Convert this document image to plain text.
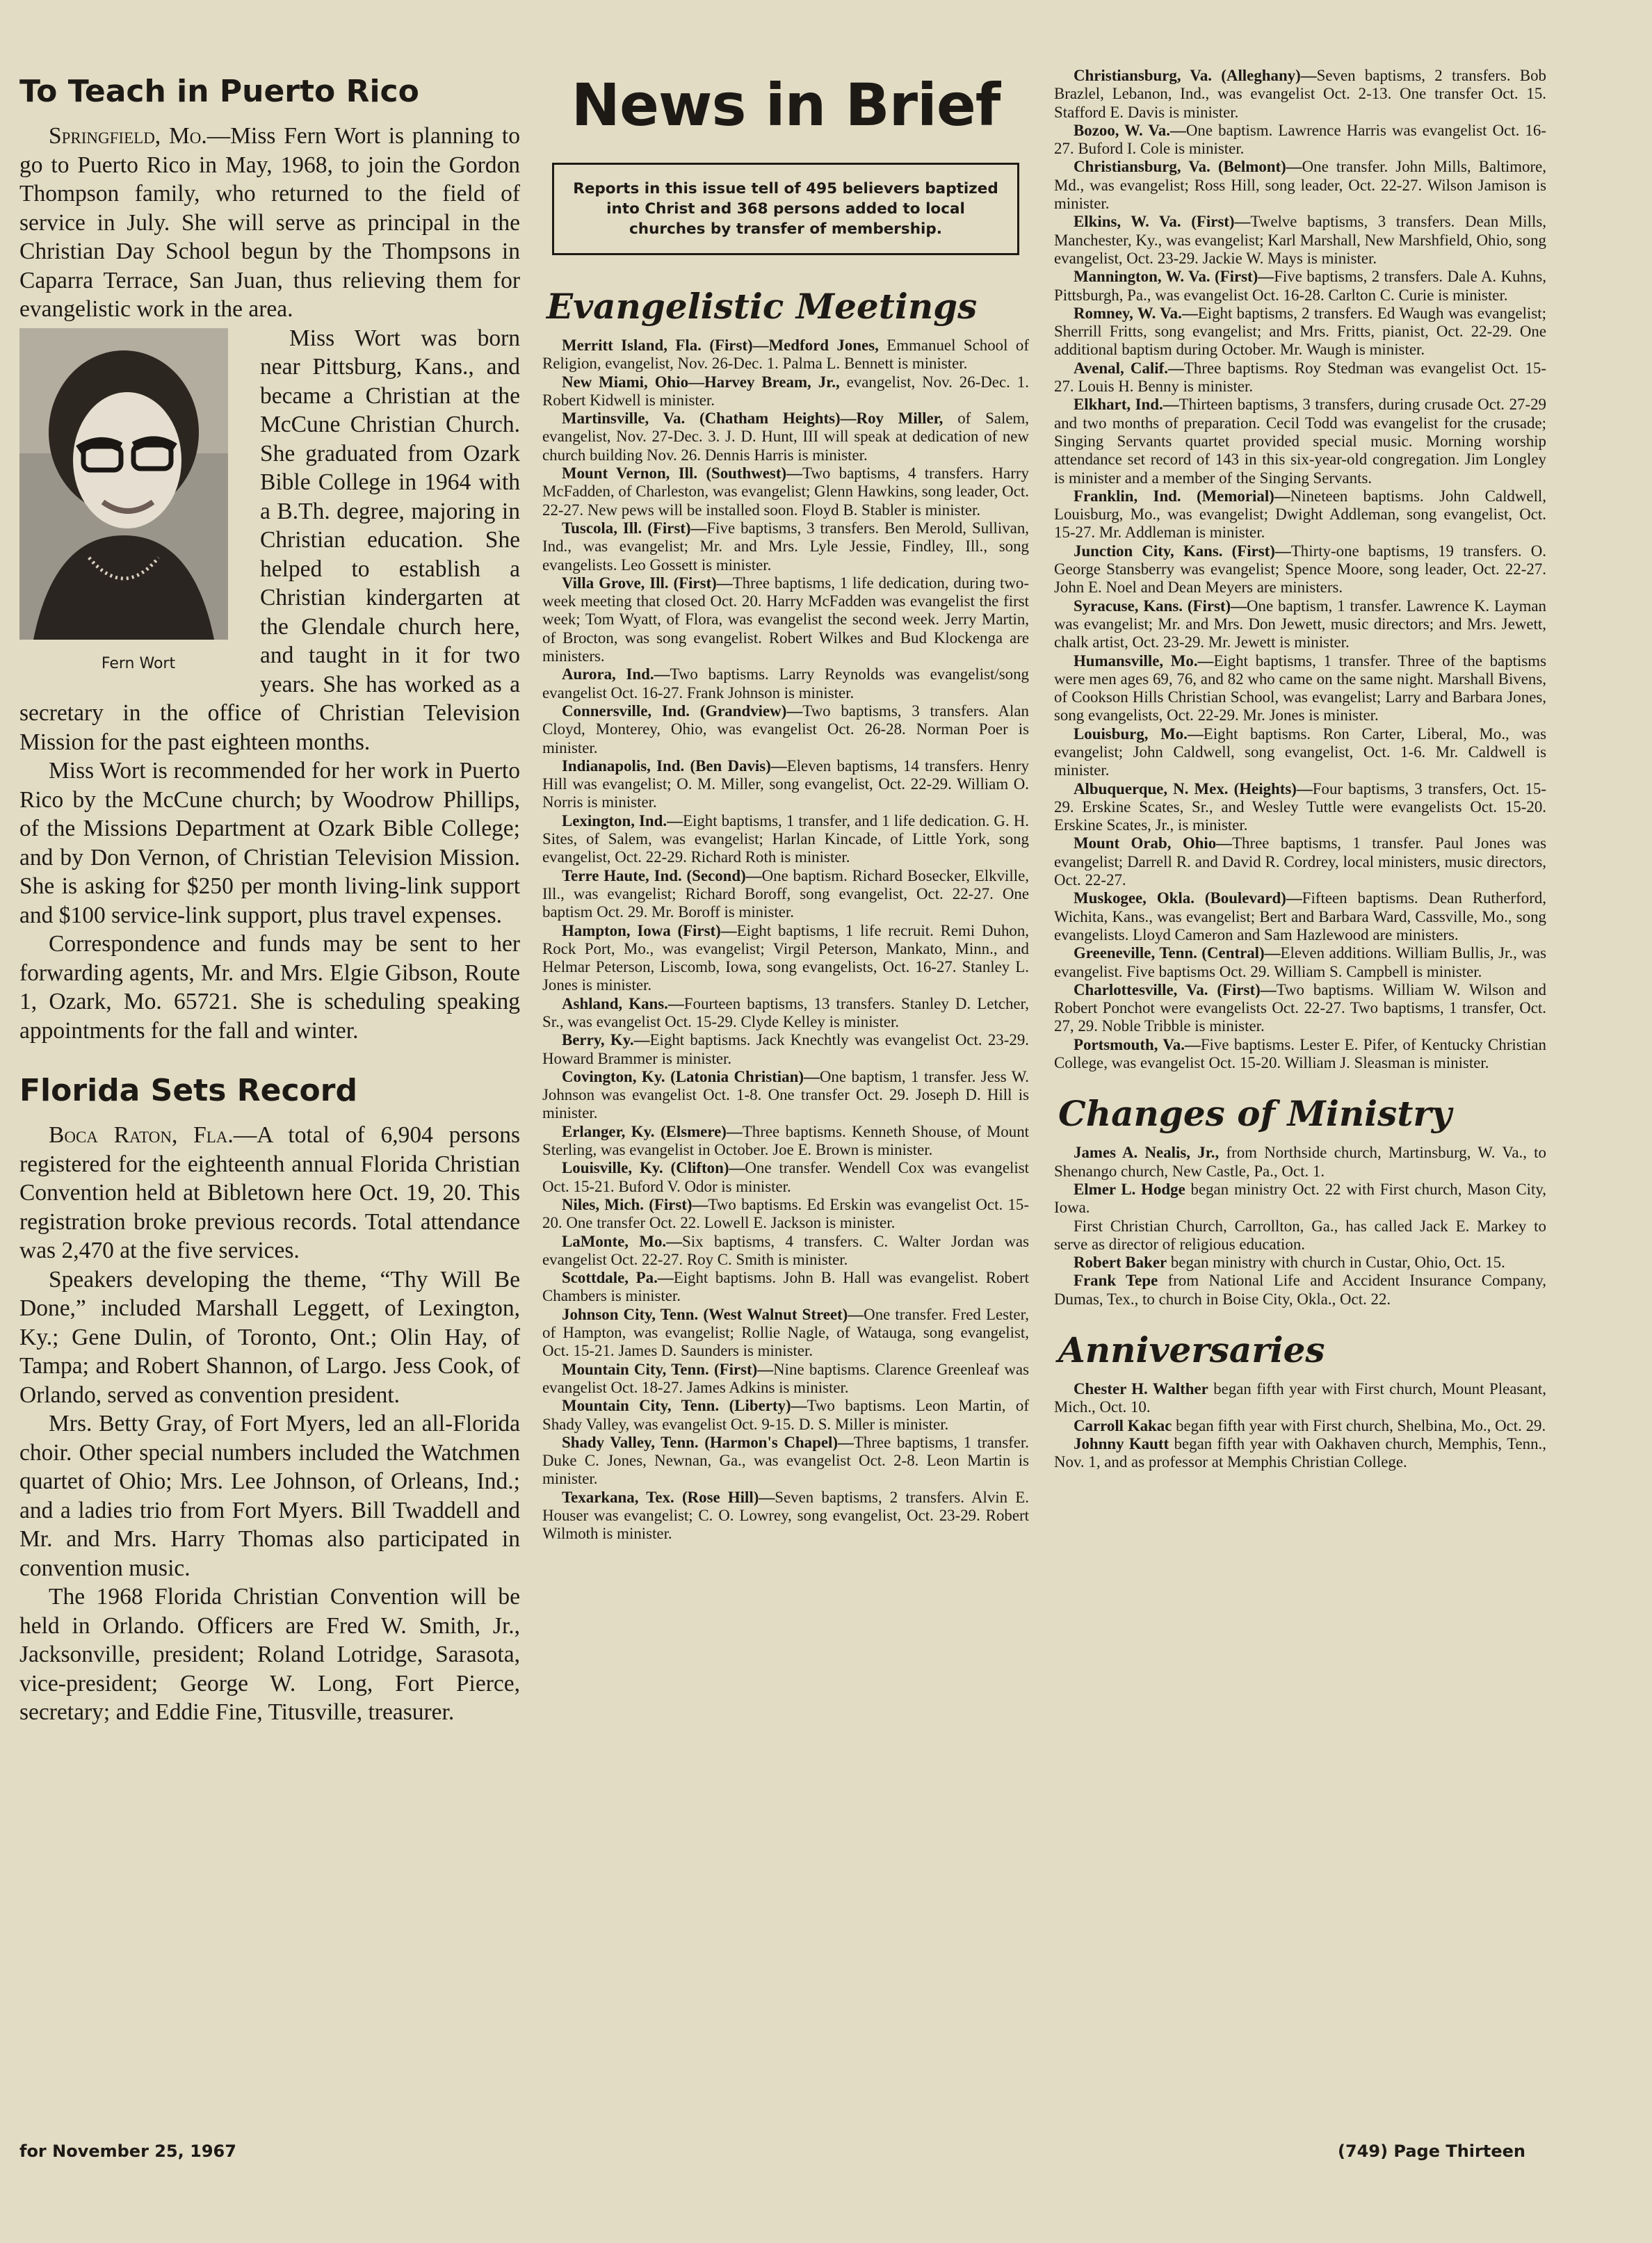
To Teach in Puerto Rico

Springfield, Mo.—Miss Fern Wort is planning to go to Puerto Rico in May, 1968, to join the Gordon Thompson family, who returned to the field of service in July. She will serve as principal in the Christian Day School begun by the Thompsons in Caparra Terrace, San Juan, thus relieving them for evangelistic work in the area.

Fern Wort
Miss Wort was born near Pittsburg, Kans., and became a Christian at the McCune Christian Church. She graduated from Ozark Bible College in 1964 with a B.Th. degree, majoring in Christian education. She helped to establish a Christian kindergarten at the Glendale church here, and taught in it for two years. She has worked as a secretary in the office of Christian Television Mission for the past eighteen months.

Miss Wort is recommended for her work in Puerto Rico by the McCune church; by Woodrow Phillips, of the Missions Department at Ozark Bible College; and by Don Vernon, of Christian Television Mission. She is asking for $250 per month living-link support and $100 service-link support, plus travel expenses.

Correspondence and funds may be sent to her forwarding agents, Mr. and Mrs. Elgie Gibson, Route 1, Ozark, Mo. 65721. She is scheduling speaking appointments for the fall and winter.

Florida Sets Record

Boca Raton, Fla.—A total of 6,904 persons registered for the eighteenth annual Florida Christian Convention held at Bibletown here Oct. 19, 20. This registration broke previous records. Total attendance was 2,470 at the five services.

Speakers developing the theme, “Thy Will Be Done,” included Marshall Leggett, of Lexington, Ky.; Gene Dulin, of Toronto, Ont.; Olin Hay, of Tampa; and Robert Shannon, of Largo. Jess Cook, of Orlando, served as convention president.

Mrs. Betty Gray, of Fort Myers, led an all-Florida choir. Other special numbers included the Watchmen quartet of Ohio; Mrs. Lee Johnson, of Orleans, Ind.; and a ladies trio from Fort Myers. Bill Twaddell and Mr. and Mrs. Harry Thomas also participated in convention music.

The 1968 Florida Christian Convention will be held in Orlando. Officers are Fred W. Smith, Jr., Jacksonville, president; Roland Lotridge, Sarasota, vice-president; George W. Long, Fort Pierce, secretary; and Eddie Fine, Titusville, treasurer.

News in Brief
Reports in this issue tell of 495 believers baptized into Christ and 368 persons added to local churches by transfer of membership.
Evangelistic Meetings

Merritt Island, Fla. (First)—Medford Jones, Emmanuel School of Religion, evangelist, Nov. 26-Dec. 1. Palma L. Bennett is minister.

New Miami, Ohio—Harvey Bream, Jr., evangelist, Nov. 26-Dec. 1. Robert Kidwell is minister.

Martinsville, Va. (Chatham Heights)—Roy Miller, of Salem, evangelist, Nov. 27-Dec. 3. J. D. Hunt, III will speak at dedication of new church building Nov. 26. Dennis Harris is minister.

Mount Vernon, Ill. (Southwest)—Two baptisms, 4 transfers. Harry McFadden, of Charleston, was evangelist; Glenn Hawkins, song leader, Oct. 22-27. New pews will be installed soon. Floyd B. Stabler is minister.

Tuscola, Ill. (First)—Five baptisms, 3 transfers. Ben Merold, Sullivan, Ind., was evangelist; Mr. and Mrs. Lyle Jessie, Findley, Ill., song evangelists. Leo Gossett is minister.

Villa Grove, Ill. (First)—Three baptisms, 1 life dedication, during two-week meeting that closed Oct. 20. Harry McFadden was evangelist the first week; Tom Wyatt, of Flora, was evangelist the second week. Jerry Martin, of Brocton, was song evangelist. Robert Wilkes and Bud Klockenga are ministers.

Aurora, Ind.—Two baptisms. Larry Reynolds was evangelist/song evangelist Oct. 16-27. Frank Johnson is minister.

Connersville, Ind. (Grandview)—Two baptisms, 3 transfers. Alan Cloyd, Monterey, Ohio, was evangelist Oct. 26-28. Norman Poer is minister.

Indianapolis, Ind. (Ben Davis)—Eleven baptisms, 14 transfers. Henry Hill was evangelist; O. M. Miller, song evangelist, Oct. 22-29. William O. Norris is minister.

Lexington, Ind.—Eight baptisms, 1 transfer, and 1 life dedication. G. H. Sites, of Salem, was evangelist; Harlan Kincade, of Little York, song evangelist, Oct. 22-29. Richard Roth is minister.

Terre Haute, Ind. (Second)—One baptism. Richard Bosecker, Elkville, Ill., was evangelist; Richard Boroff, song evangelist, Oct. 22-27. One baptism Oct. 29. Mr. Boroff is minister.

Hampton, Iowa (First)—Eight baptisms, 1 life recruit. Remi Duhon, Rock Port, Mo., was evangelist; Virgil Peterson, Mankato, Minn., and Helmar Peterson, Liscomb, Iowa, song evangelists, Oct. 16-27. Stanley L. Jones is minister.

Ashland, Kans.—Fourteen baptisms, 13 transfers. Stanley D. Letcher, Sr., was evangelist Oct. 15-29. Clyde Kelley is minister.

Berry, Ky.—Eight baptisms. Jack Knechtly was evangelist Oct. 23-29. Howard Brammer is minister.

Covington, Ky. (Latonia Christian)—One baptism, 1 transfer. Jess W. Johnson was evangelist Oct. 1-8. One transfer Oct. 29. Joseph D. Hill is minister.

Erlanger, Ky. (Elsmere)—Three baptisms. Kenneth Shouse, of Mount Sterling, was evangelist in October. Joe E. Brown is minister.

Louisville, Ky. (Clifton)—One transfer. Wendell Cox was evangelist Oct. 15-21. Buford V. Odor is minister.

Niles, Mich. (First)—Two baptisms. Ed Erskin was evangelist Oct. 15-20. One transfer Oct. 22. Lowell E. Jackson is minister.

LaMonte, Mo.—Six baptisms, 4 transfers. C. Walter Jordan was evangelist Oct. 22-27. Roy C. Smith is minister.

Scottdale, Pa.—Eight baptisms. John B. Hall was evangelist. Robert Chambers is minister.

Johnson City, Tenn. (West Walnut Street)—One transfer. Fred Lester, of Hampton, was evangelist; Rollie Nagle, of Watauga, song evangelist, Oct. 15-21. James D. Saunders is minister.

Mountain City, Tenn. (First)—Nine baptisms. Clarence Greenleaf was evangelist Oct. 18-27. James Adkins is minister.

Mountain City, Tenn. (Liberty)—Two baptisms. Leon Martin, of Shady Valley, was evangelist Oct. 9-15. D. S. Miller is minister.

Shady Valley, Tenn. (Harmon's Chapel)—Three baptisms, 1 transfer. Duke C. Jones, Newnan, Ga., was evangelist Oct. 2-8. Leon Martin is minister.

Texarkana, Tex. (Rose Hill)—Seven baptisms, 2 transfers. Alvin E. Houser was evangelist; C. O. Lowrey, song evangelist, Oct. 23-29. Robert Wilmoth is minister.

Christiansburg, Va. (Alleghany)—Seven baptisms, 2 transfers. Bob Brazlel, Lebanon, Ind., was evangelist Oct. 2-13. One transfer Oct. 15. Stafford E. Davis is minister.

Bozoo, W. Va.—One baptism. Lawrence Harris was evangelist Oct. 16-27. Buford I. Cole is minister.

Christiansburg, Va. (Belmont)—One transfer. John Mills, Baltimore, Md., was evangelist; Ross Hill, song leader, Oct. 22-27. Wilson Jamison is minister.

Elkins, W. Va. (First)—Twelve baptisms, 3 transfers. Dean Mills, Manchester, Ky., was evangelist; Karl Marshall, New Marshfield, Ohio, song evangelist, Oct. 23-29. Jackie W. Mays is minister.

Mannington, W. Va. (First)—Five baptisms, 2 transfers. Dale A. Kuhns, Pittsburgh, Pa., was evangelist Oct. 16-28. Carlton C. Curie is minister.

Romney, W. Va.—Eight baptisms, 2 transfers. Ed Waugh was evangelist; Sherrill Fritts, song evangelist; and Mrs. Fritts, pianist, Oct. 22-29. One additional baptism during October. Mr. Waugh is minister.

Avenal, Calif.—Three baptisms. Roy Stedman was evangelist Oct. 15-27. Louis H. Benny is minister.

Elkhart, Ind.—Thirteen baptisms, 3 transfers, during crusade Oct. 27-29 and two months of preparation. Cecil Todd was evangelist for the crusade; Singing Servants quartet provided special music. Morning worship attendance set record of 143 in this six-year-old congregation. Jim Longley is minister and a member of the Singing Servants.

Franklin, Ind. (Memorial)—Nineteen baptisms. John Caldwell, Louisburg, Mo., was evangelist; Dwight Addleman, song evangelist, Oct. 15-27. Mr. Addleman is minister.

Junction City, Kans. (First)—Thirty-one baptisms, 19 transfers. O. George Stansberry was evangelist; Spence Moore, song leader, Oct. 22-27. John E. Noel and Dean Meyers are ministers.

Syracuse, Kans. (First)—One baptism, 1 transfer. Lawrence K. Layman was evangelist; Mr. and Mrs. Don Jewett, music directors; and Mrs. Jewett, chalk artist, Oct. 23-29. Mr. Jewett is minister.

Humansville, Mo.—Eight baptisms, 1 transfer. Three of the baptisms were men ages 69, 76, and 82 who came on the same night. Marshall Bivens, of Cookson Hills Christian School, was evangelist; Larry and Barbara Jones, song evangelists, Oct. 22-29. Mr. Jones is minister.

Louisburg, Mo.—Eight baptisms. Ron Carter, Liberal, Mo., was evangelist; John Caldwell, song evangelist, Oct. 1-6. Mr. Caldwell is minister.

Albuquerque, N. Mex. (Heights)—Four baptisms, 3 transfers, Oct. 15-29. Erskine Scates, Sr., and Wesley Tuttle were evangelists Oct. 15-20. Erskine Scates, Jr., is minister.

Mount Orab, Ohio—Three baptisms, 1 transfer. Paul Jones was evangelist; Darrell R. and David R. Cordrey, local ministers, music directors, Oct. 22-27.

Muskogee, Okla. (Boulevard)—Fifteen baptisms. Dean Rutherford, Wichita, Kans., was evangelist; Bert and Barbara Ward, Cassville, Mo., song evangelists. Lloyd Cameron and Sam Hazlewood are ministers.

Greeneville, Tenn. (Central)—Eleven additions. William Bullis, Jr., was evangelist. Five baptisms Oct. 29. William S. Campbell is minister.

Charlottesville, Va. (First)—Two baptisms. William W. Wilson and Robert Ponchot were evangelists Oct. 22-27. Two baptisms, 1 transfer, Oct. 27, 29. Noble Tribble is minister.

Portsmouth, Va.—Five baptisms. Lester E. Pifer, of Kentucky Christian College, was evangelist Oct. 15-20. William J. Sleasman is minister.

Changes of Ministry

James A. Nealis, Jr., from Northside church, Martinsburg, W. Va., to Shenango church, New Castle, Pa., Oct. 1.

Elmer L. Hodge began ministry Oct. 22 with First church, Mason City, Iowa.

First Christian Church, Carrollton, Ga., has called Jack E. Markey to serve as director of religious education.

Robert Baker began ministry with church in Custar, Ohio, Oct. 15.

Frank Tepe from National Life and Accident Insurance Company, Dumas, Tex., to church in Boise City, Okla., Oct. 22.

Anniversaries

Chester H. Walther began fifth year with First church, Mount Pleasant, Mich., Oct. 10.

Carroll Kakac began fifth year with First church, Shelbina, Mo., Oct. 29.

Johnny Kautt began fifth year with Oakhaven church, Memphis, Tenn., Nov. 1, and as professor at Memphis Christian College.

for November 25, 1967	(749) Page Thirteen
